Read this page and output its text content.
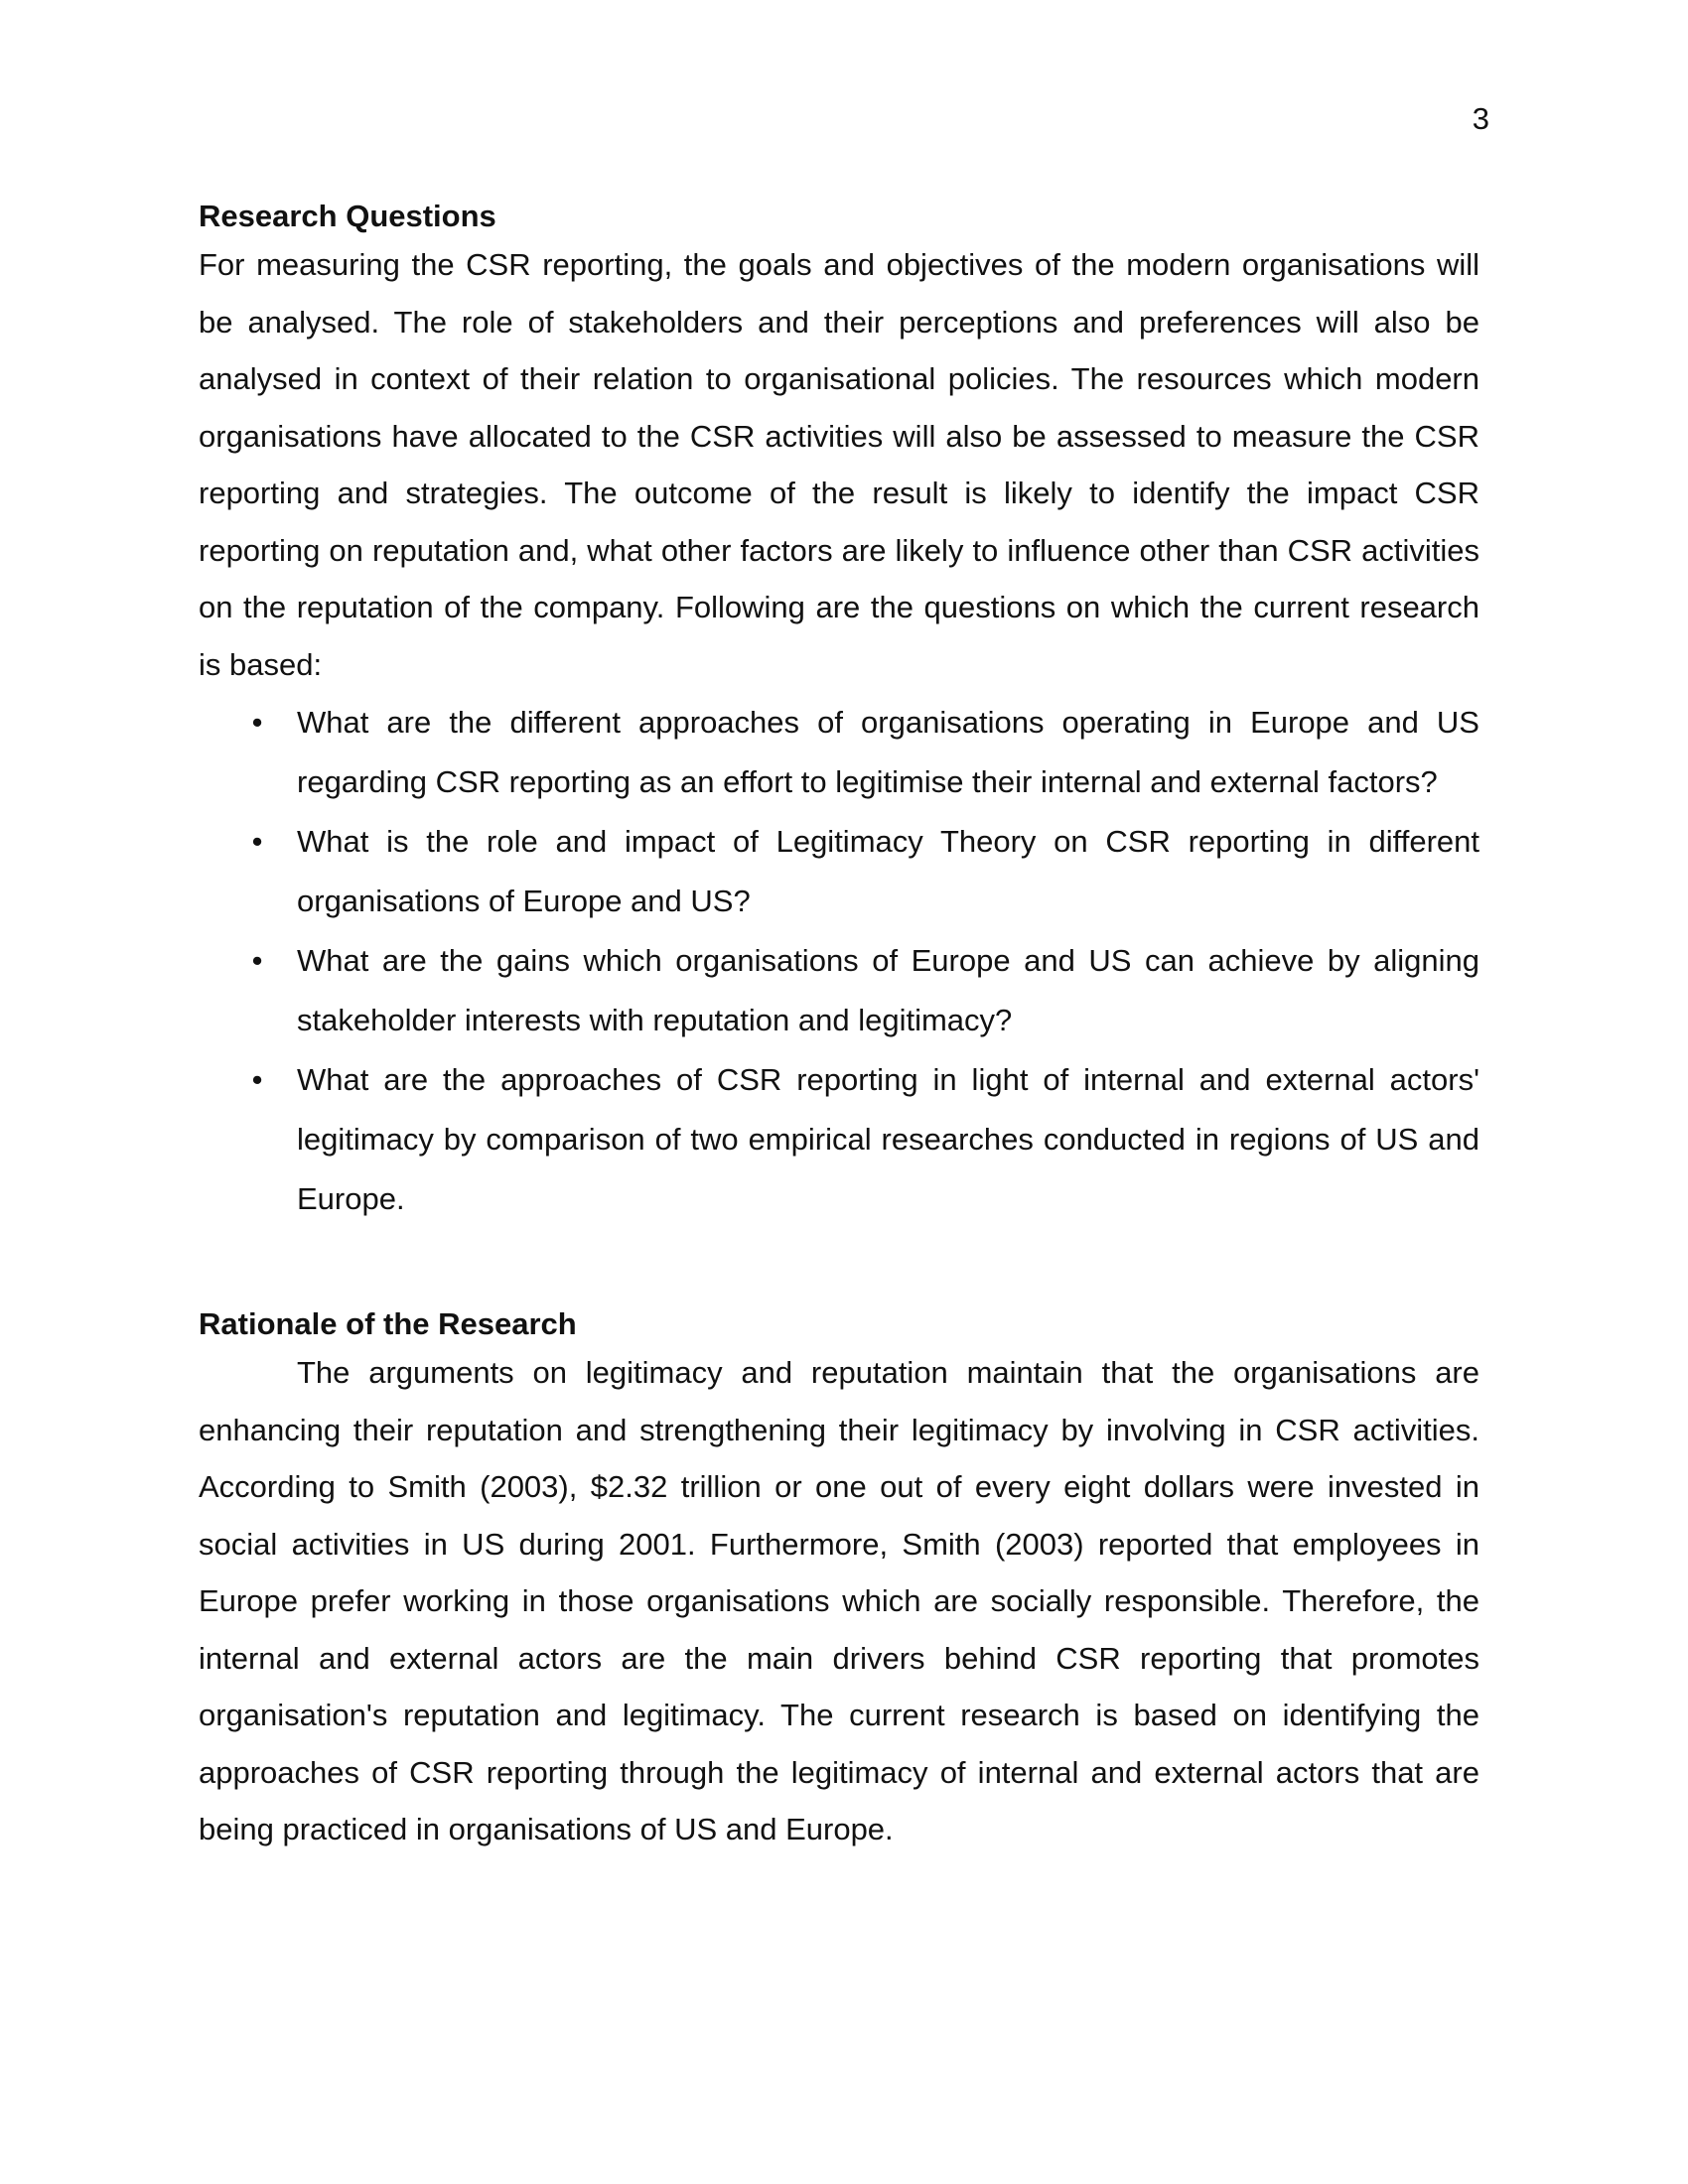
3
Research Questions

For measuring the CSR reporting, the goals and objectives of the modern organisations will be analysed. The role of stakeholders and their perceptions and preferences will also be analysed in context of their relation to organisational policies. The resources which modern organisations have allocated to the CSR activities will also be assessed to measure the CSR reporting and strategies. The outcome of the result is likely to identify the impact CSR reporting on reputation and, what other factors are likely to influence other than CSR activities on the reputation of the company. Following are the questions on which the current research is based:

• What are the different approaches of organisations operating in Europe and US regarding CSR reporting as an effort to legitimise their internal and external factors?
• What is the role and impact of Legitimacy Theory on CSR reporting in different organisations of Europe and US?
• What are the gains which organisations of Europe and US can achieve by aligning stakeholder interests with reputation and legitimacy?
• What are the approaches of CSR reporting in light of internal and external actors' legitimacy by comparison of two empirical researches conducted in regions of US and Europe.
Rationale of the Research

The arguments on legitimacy and reputation maintain that the organisations are enhancing their reputation and strengthening their legitimacy by involving in CSR activities. According to Smith (2003), $2.32 trillion or one out of every eight dollars were invested in social activities in US during 2001. Furthermore, Smith (2003) reported that employees in Europe prefer working in those organisations which are socially responsible. Therefore, the internal and external actors are the main drivers behind CSR reporting that promotes organisation's reputation and legitimacy. The current research is based on identifying the approaches of CSR reporting through the legitimacy of internal and external actors that are being practiced in organisations of US and Europe.
